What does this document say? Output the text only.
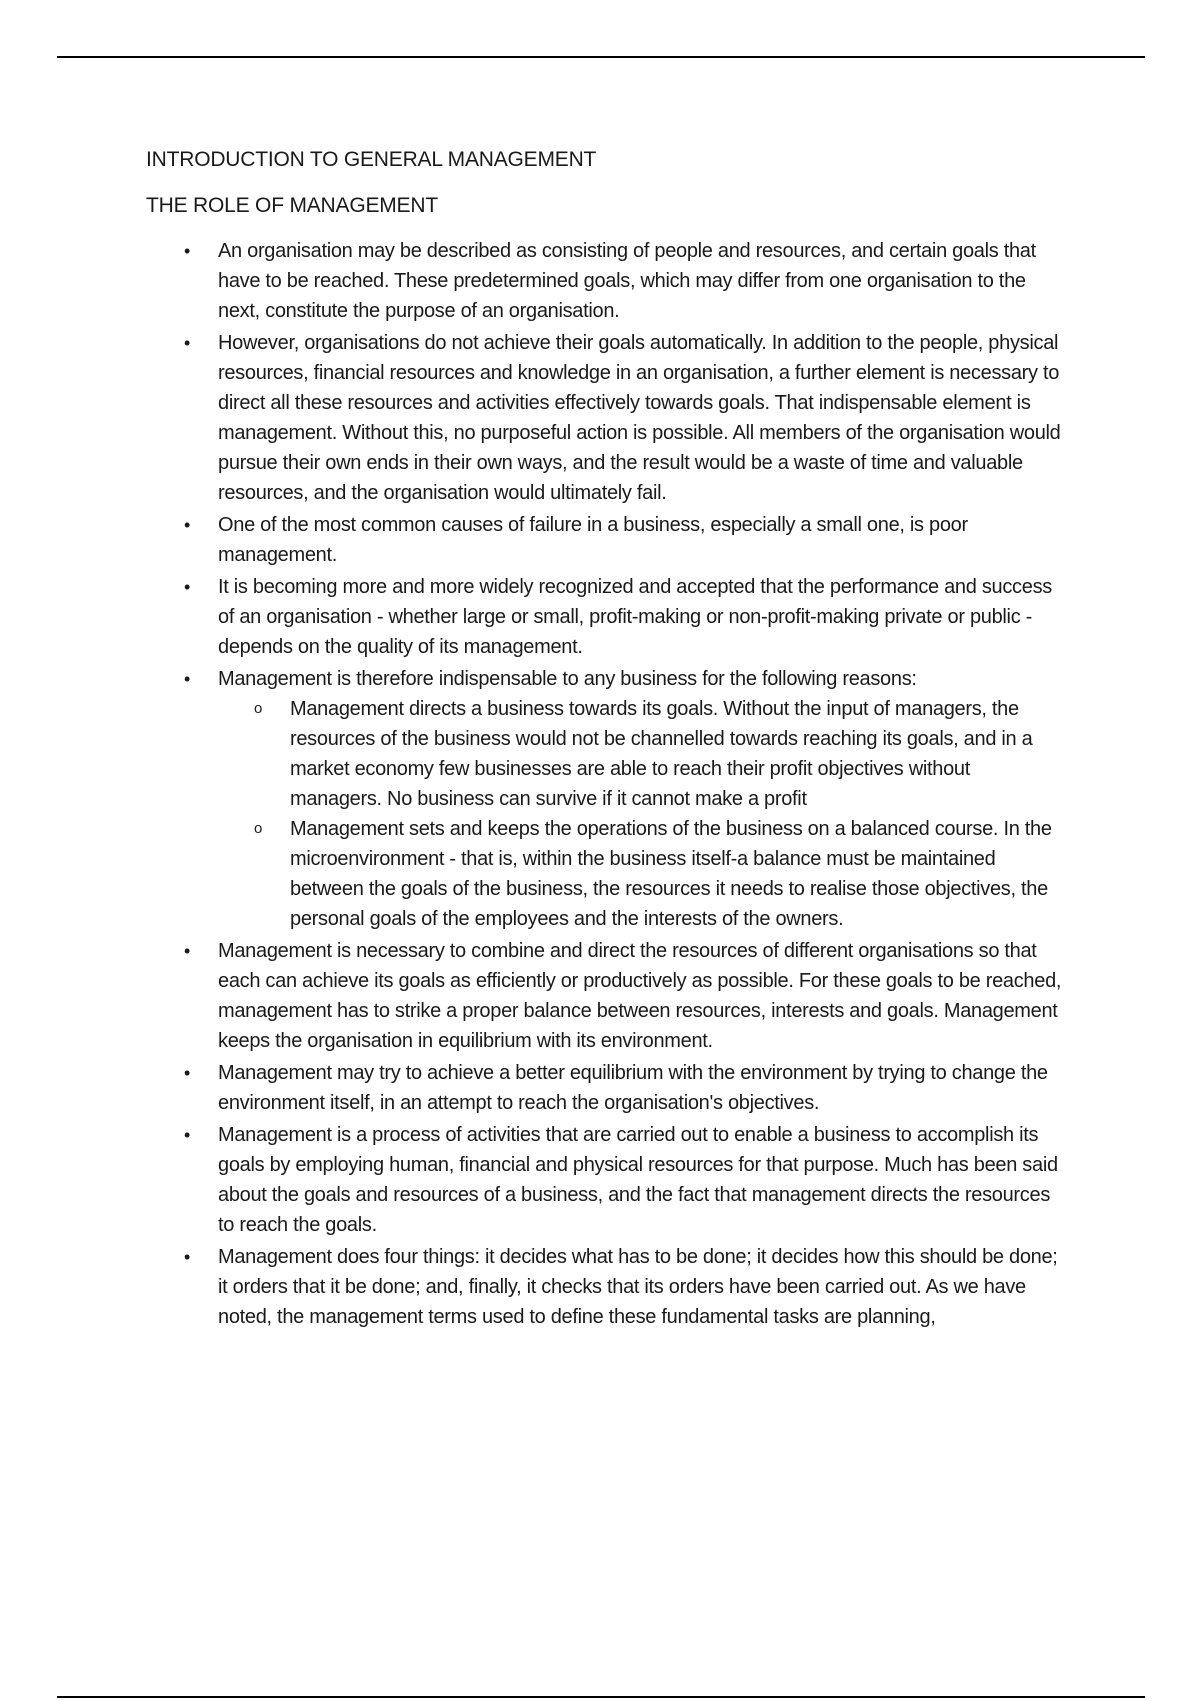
INTRODUCTION TO GENERAL MANAGEMENT

THE ROLE OF MANAGEMENT

• An organisation may be described as consisting of people and resources, and certain goals that have to be reached. These predetermined goals, which may differ from one organisation to the next, constitute the purpose of an organisation.
• However, organisations do not achieve their goals automatically. In addition to the people, physical resources, financial resources and knowledge in an organisation, a further element is necessary to direct all these resources and activities effectively towards goals. That indispensable element is management. Without this, no purposeful action is possible. All members of the organisation would pursue their own ends in their own ways, and the result would be a waste of time and valuable resources, and the organisation would ultimately fail.
• One of the most common causes of failure in a business, especially a small one, is poor management.
• It is becoming more and more widely recognized and accepted that the performance and success of an organisation - whether large or small, profit-making or non-profit-making private or public - depends on the quality of its management.
• Management is therefore indispensable to any business for the following reasons:
o Management directs a business towards its goals. Without the input of managers, the resources of the business would not be channelled towards reaching its goals, and in a market economy few businesses are able to reach their profit objectives without managers. No business can survive if it cannot make a profit
o Management sets and keeps the operations of the business on a balanced course. In the microenvironment - that is, within the business itself-a balance must be maintained between the goals of the business, the resources it needs to realise those objectives, the personal goals of the employees and the interests of the owners.
• Management is necessary to combine and direct the resources of different organisations so that each can achieve its goals as efficiently or productively as possible. For these goals to be reached, management has to strike a proper balance between resources, interests and goals. Management keeps the organisation in equilibrium with its environment.
• Management may try to achieve a better equilibrium with the environment by trying to change the environment itself, in an attempt to reach the organisation's objectives.
• Management is a process of activities that are carried out to enable a business to accomplish its goals by employing human, financial and physical resources for that purpose. Much has been said about the goals and resources of a business, and the fact that management directs the resources to reach the goals.
• Management does four things: it decides what has to be done; it decides how this should be done; it orders that it be done; and, finally, it checks that its orders have been carried out. As we have noted, the management terms used to define these fundamental tasks are planning,
